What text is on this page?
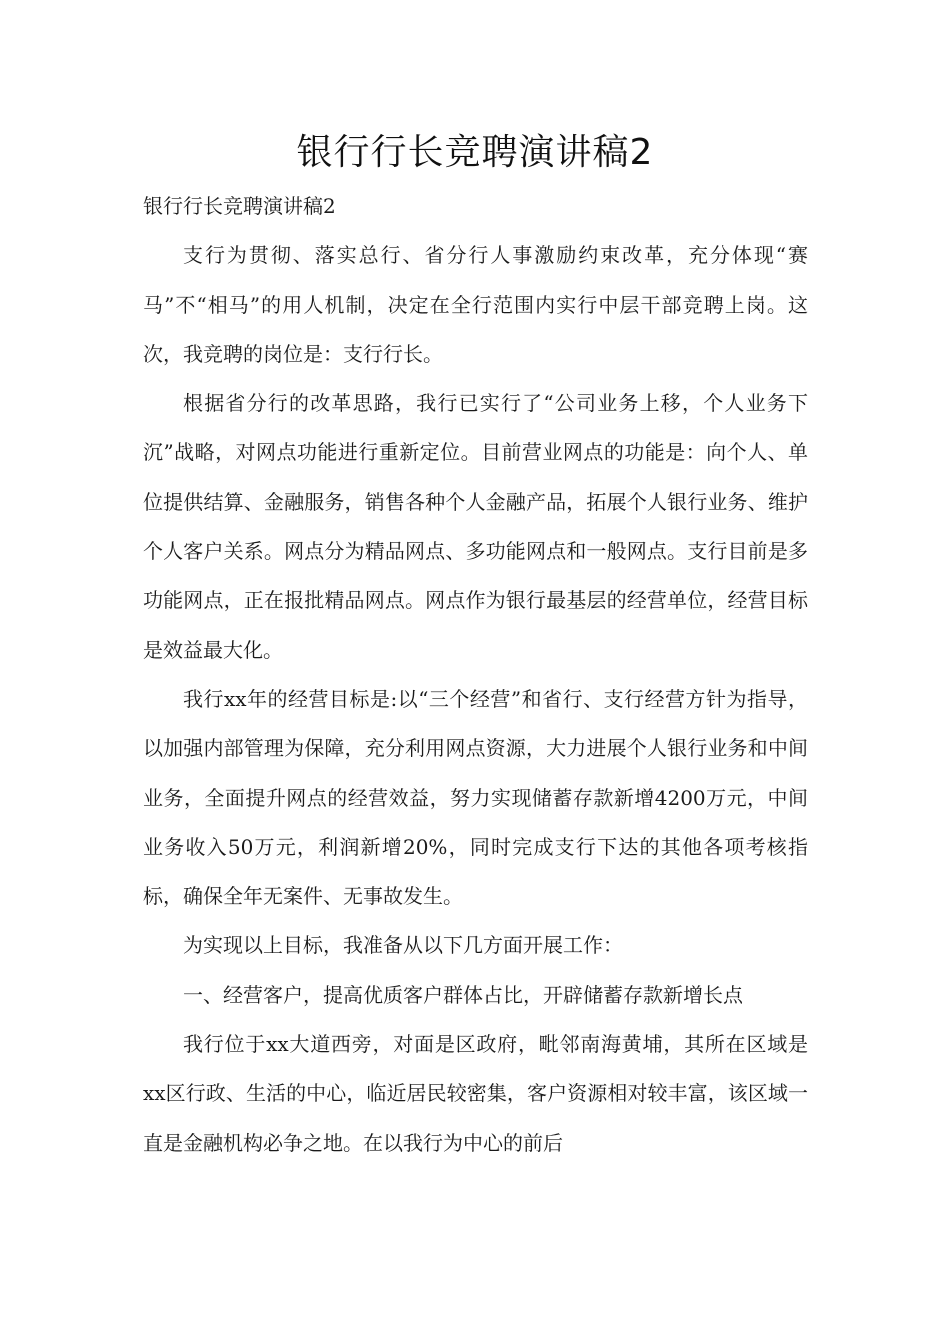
银行行长竞聘演讲稿2

银行行长竞聘演讲稿2

支行为贯彻、落实总行、省分行人事激励约束改革，充分体现“赛马”不“相马”的用人机制，决定在全行范围内实行中层干部竞聘上岗。这次，我竞聘的岗位是：支行行长。

根据省分行的改革思路，我行已实行了“公司业务上移，个人业务下沉”战略，对网点功能进行重新定位。目前营业网点的功能是：向个人、单位提供结算、金融服务，销售各种个人金融产品，拓展个人银行业务、维护个人客户关系。网点分为精品网点、多功能网点和一般网点。支行目前是多功能网点，正在报批精品网点。网点作为银行最基层的经营单位，经营目标是效益最大化。

我行xx年的经营目标是:以“三个经营”和省行、支行经营方针为指导，以加强内部管理为保障，充分利用网点资源，大力进展个人银行业务和中间业务，全面提升网点的经营效益，努力实现储蓄存款新增4200万元，中间业务收入50万元，利润新增20%，同时完成支行下达的其他各项考核指标，确保全年无案件、无事故发生。

为实现以上目标，我准备从以下几方面开展工作：

一、经营客户，提高优质客户群体占比，开辟储蓄存款新增长点

我行位于xx大道西旁，对面是区政府，毗邻南海黄埔，其所在区域是xx区行政、生活的中心，临近居民较密集，客户资源相对较丰富，该区域一直是金融机构必争之地。在以我行为中心的前后
